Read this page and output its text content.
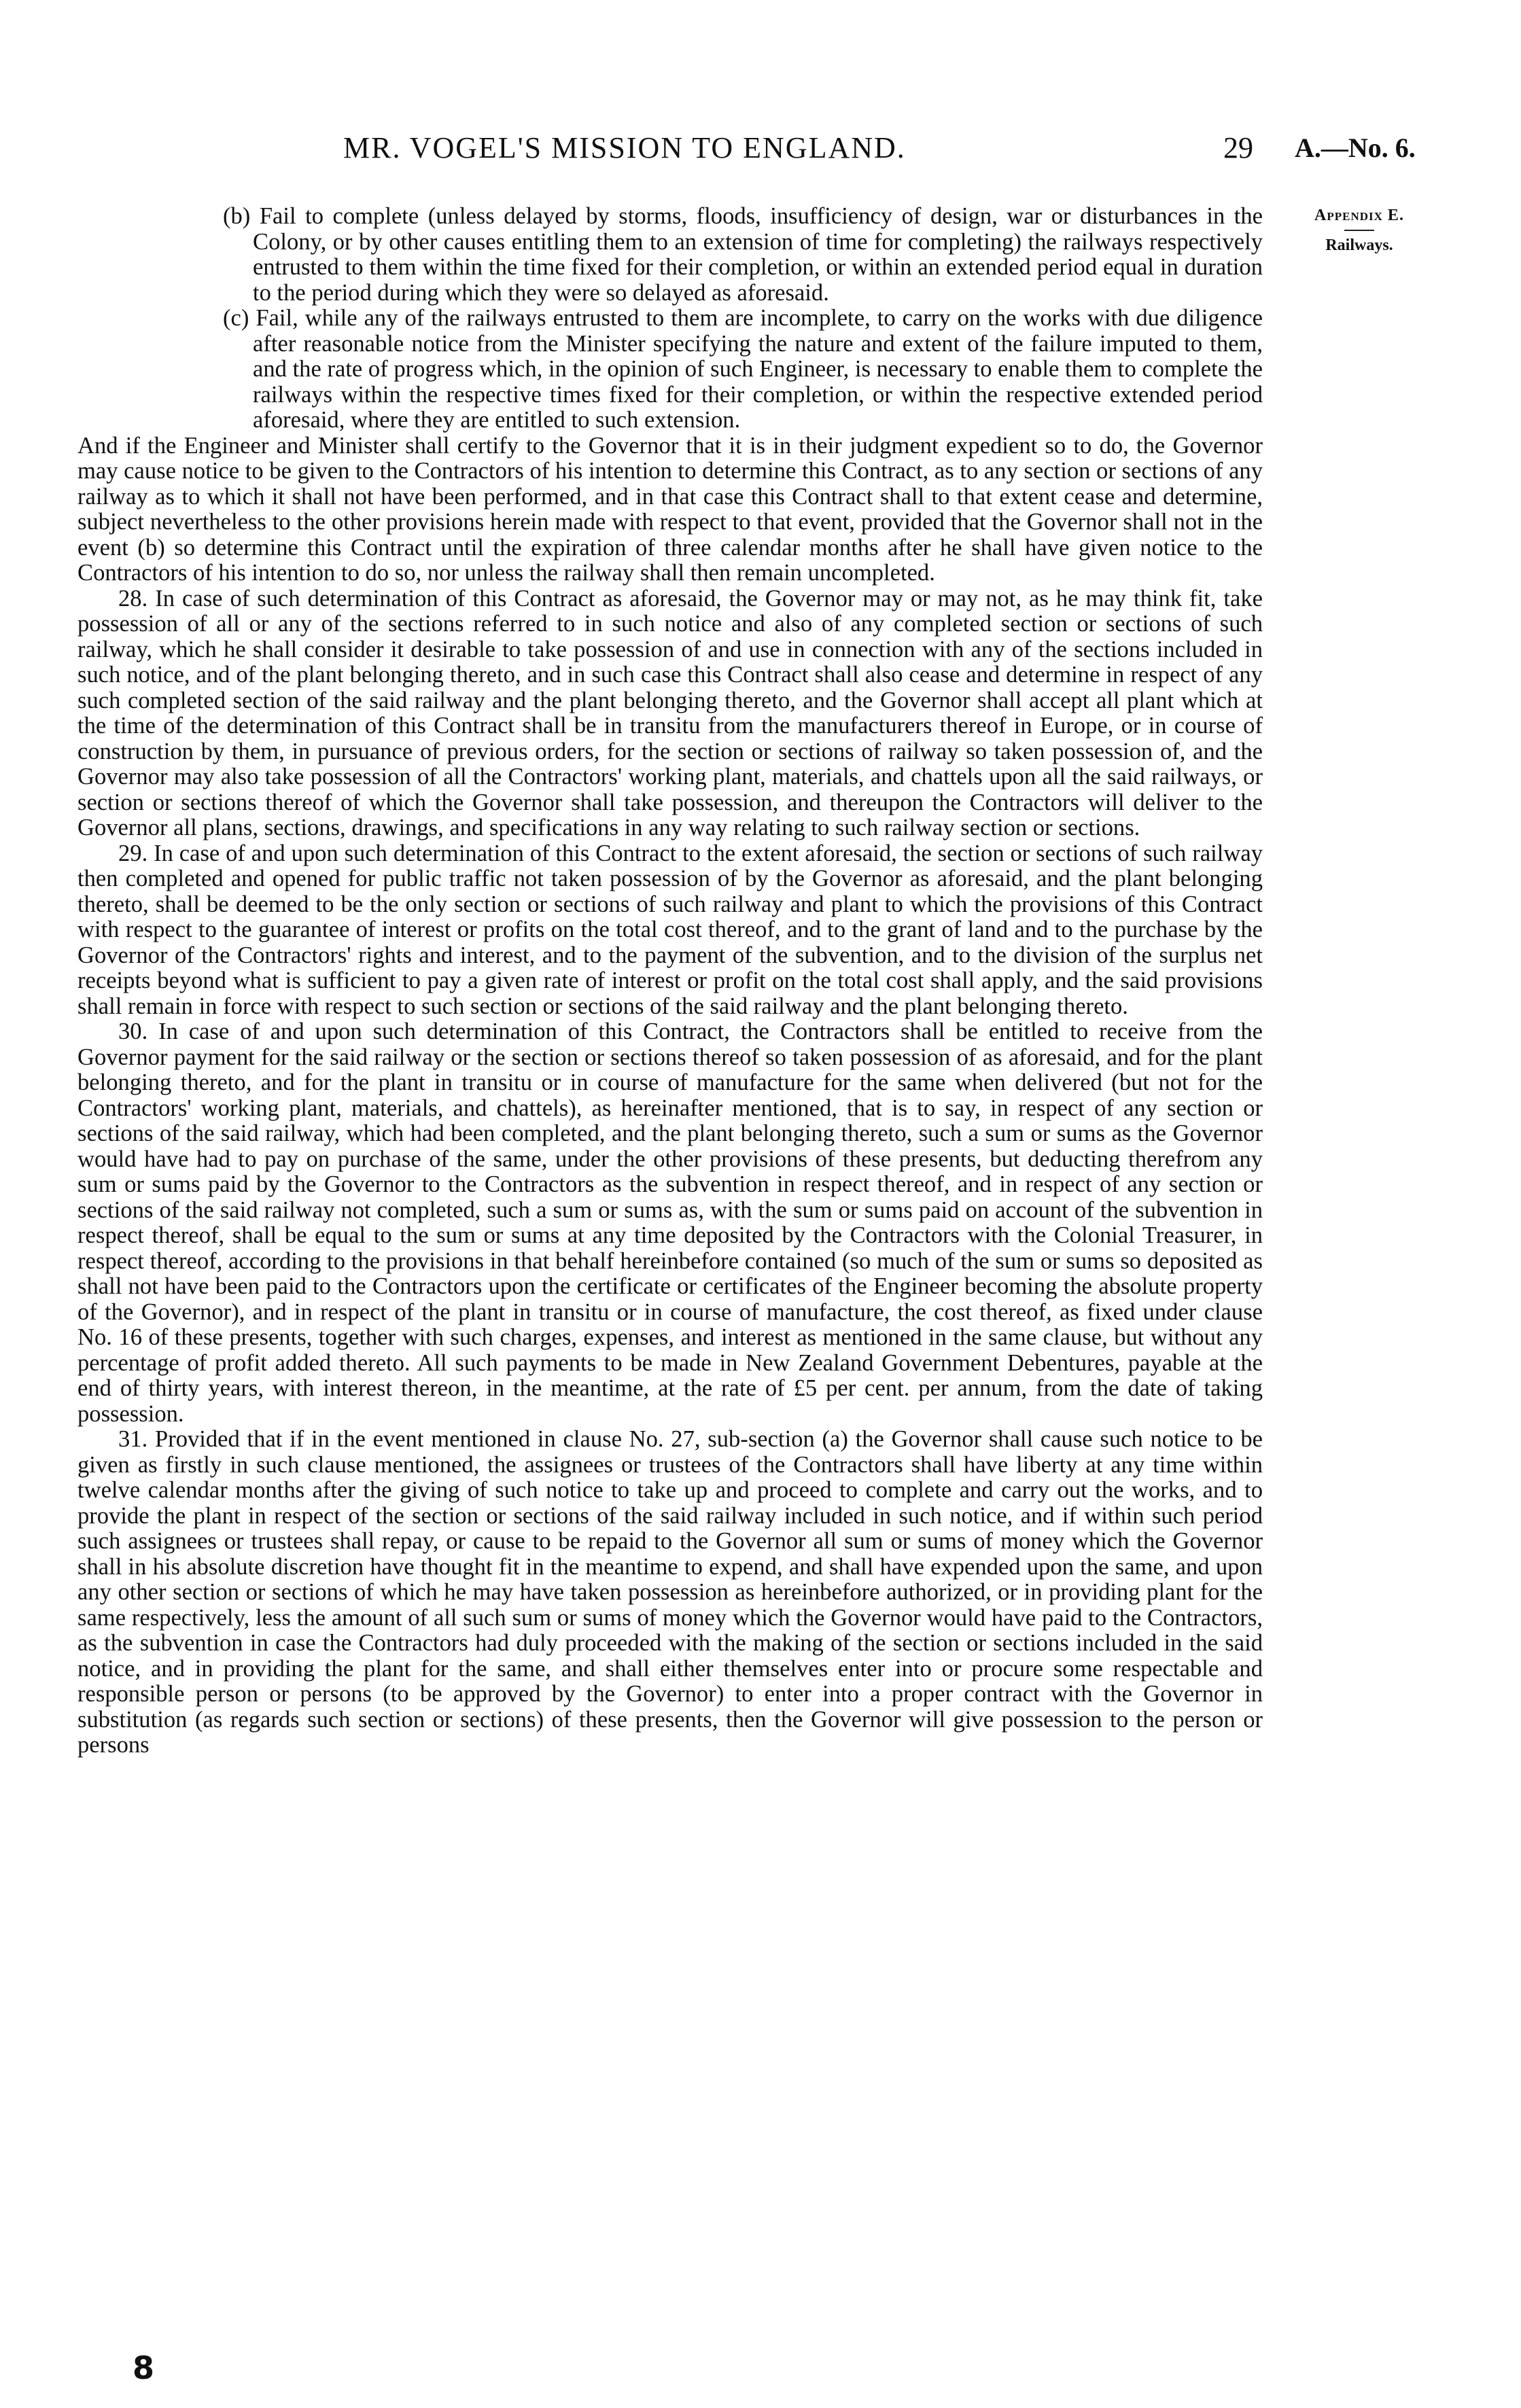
MR. VOGEL'S MISSION TO ENGLAND.	29 A.—No. 6.
Appendix E.
Railways.

(b) Fail to complete (unless delayed by storms, floods, insufficiency of design, war or disturbances in the Colony, or by other causes entitling them to an extension of time for completing) the railways respectively entrusted to them within the time fixed for their completion, or within an extended period equal in duration to the period during which they were so delayed as aforesaid.

(c) Fail, while any of the railways entrusted to them are incomplete, to carry on the works with due diligence after reasonable notice from the Minister specifying the nature and extent of the failure imputed to them, and the rate of progress which, in the opinion of such Engineer, is necessary to enable them to complete the railways within the respective times fixed for their completion, or within the respective extended period aforesaid, where they are entitled to such extension.

And if the Engineer and Minister shall certify to the Governor that it is in their judgment expedient so to do, the Governor may cause notice to be given to the Contractors of his intention to determine this Contract, as to any section or sections of any railway as to which it shall not have been performed, and in that case this Contract shall to that extent cease and determine, subject nevertheless to the other provisions herein made with respect to that event, provided that the Governor shall not in the event (b) so determine this Contract until the expiration of three calendar months after he shall have given notice to the Contractors of his intention to do so, nor unless the railway shall then remain uncompleted.

28. In case of such determination of this Contract as aforesaid, the Governor may or may not, as he may think fit, take possession of all or any of the sections referred to in such notice and also of any completed section or sections of such railway, which he shall consider it desirable to take possession of and use in connection with any of the sections included in such notice, and of the plant belonging thereto, and in such case this Contract shall also cease and determine in respect of any such completed section of the said railway and the plant belonging thereto, and the Governor shall accept all plant which at the time of the determination of this Contract shall be in transitu from the manufacturers thereof in Europe, or in course of construction by them, in pursuance of previous orders, for the section or sections of railway so taken possession of, and the Governor may also take possession of all the Contractors' working plant, materials, and chattels upon all the said railways, or section or sections thereof of which the Governor shall take possession, and thereupon the Contractors will deliver to the Governor all plans, sections, drawings, and specifications in any way relating to such railway section or sections.

29. In case of and upon such determination of this Contract to the extent aforesaid, the section or sections of such railway then completed and opened for public traffic not taken possession of by the Governor as aforesaid, and the plant belonging thereto, shall be deemed to be the only section or sections of such railway and plant to which the provisions of this Contract with respect to the guarantee of interest or profits on the total cost thereof, and to the grant of land and to the purchase by the Governor of the Contractors' rights and interest, and to the payment of the subvention, and to the division of the surplus net receipts beyond what is sufficient to pay a given rate of interest or profit on the total cost shall apply, and the said provisions shall remain in force with respect to such section or sections of the said railway and the plant belonging thereto.

30. In case of and upon such determination of this Contract, the Contractors shall be entitled to receive from the Governor payment for the said railway or the section or sections thereof so taken possession of as aforesaid, and for the plant belonging thereto, and for the plant in transitu or in course of manufacture for the same when delivered (but not for the Contractors' working plant, materials, and chattels), as hereinafter mentioned, that is to say, in respect of any section or sections of the said railway, which had been completed, and the plant belonging thereto, such a sum or sums as the Governor would have had to pay on purchase of the same, under the other provisions of these presents, but deducting therefrom any sum or sums paid by the Governor to the Contractors as the subvention in respect thereof, and in respect of any section or sections of the said railway not completed, such a sum or sums as, with the sum or sums paid on account of the subvention in respect thereof, shall be equal to the sum or sums at any time deposited by the Contractors with the Colonial Treasurer, in respect thereof, according to the provisions in that behalf hereinbefore contained (so much of the sum or sums so deposited as shall not have been paid to the Contractors upon the certificate or certificates of the Engineer becoming the absolute property of the Governor), and in respect of the plant in transitu or in course of manufacture, the cost thereof, as fixed under clause No. 16 of these presents, together with such charges, expenses, and interest as mentioned in the same clause, but without any percentage of profit added thereto. All such payments to be made in New Zealand Government Debentures, payable at the end of thirty years, with interest thereon, in the meantime, at the rate of £5 per cent. per annum, from the date of taking possession.

31. Provided that if in the event mentioned in clause No. 27, sub-section (a) the Governor shall cause such notice to be given as firstly in such clause mentioned, the assignees or trustees of the Contractors shall have liberty at any time within twelve calendar months after the giving of such notice to take up and proceed to complete and carry out the works, and to provide the plant in respect of the section or sections of the said railway included in such notice, and if within such period such assignees or trustees shall repay, or cause to be repaid to the Governor all sum or sums of money which the Governor shall in his absolute discretion have thought fit in the meantime to expend, and shall have expended upon the same, and upon any other section or sections of which he may have taken possession as hereinbefore authorized, or in providing plant for the same respectively, less the amount of all such sum or sums of money which the Governor would have paid to the Contractors, as the subvention in case the Contractors had duly proceeded with the making of the section or sections included in the said notice, and in providing the plant for the same, and shall either themselves enter into or procure some respectable and responsible person or persons (to be approved by the Governor) to enter into a proper contract with the Governor in substitution (as regards such section or sections) of these presents, then the Governor will give possession to the person or persons

8
